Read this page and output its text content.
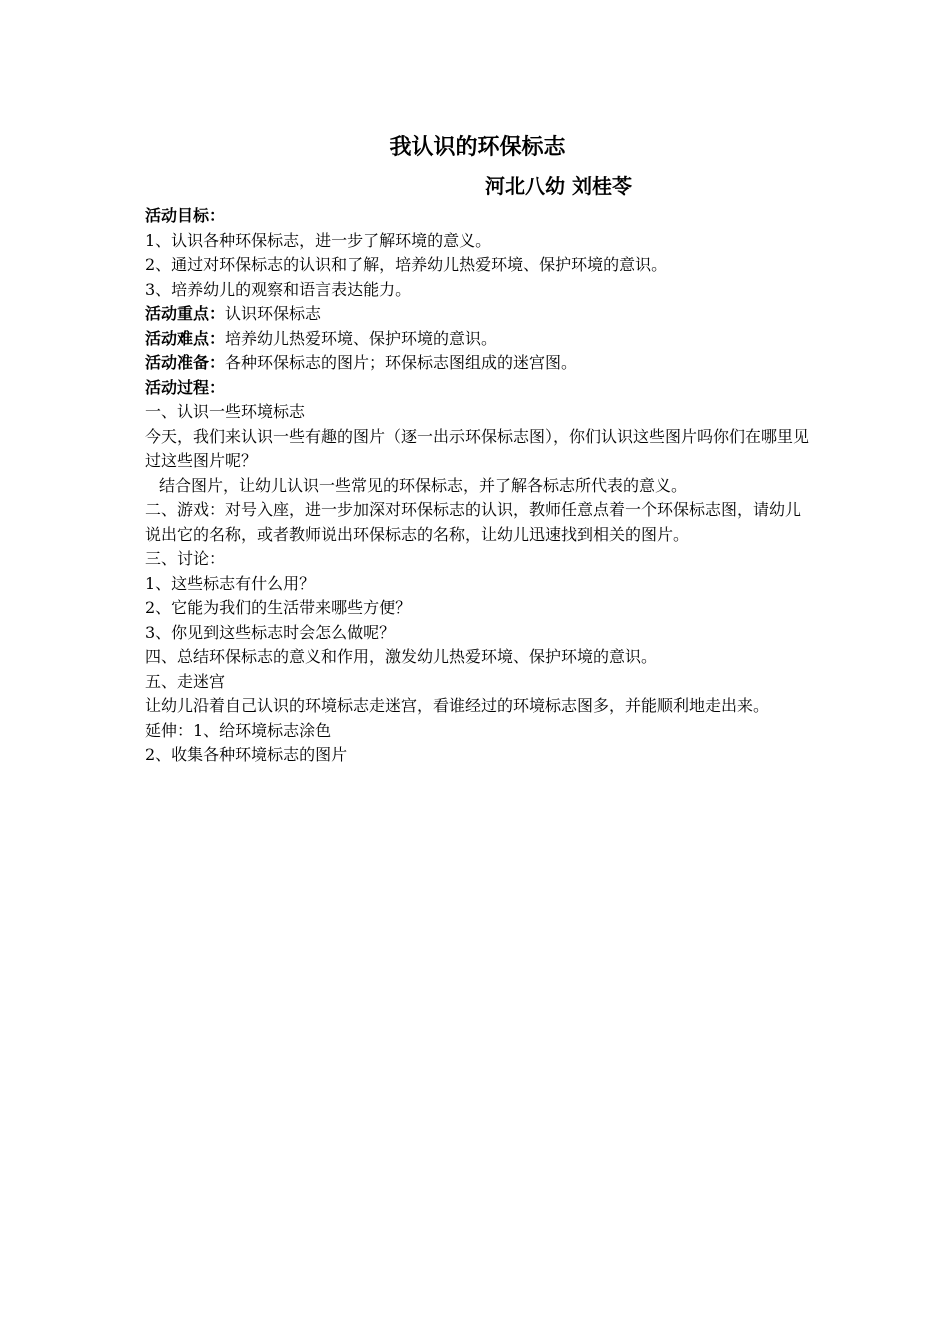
我认识的环保标志
河北八幼 刘桂苓
活动目标：
1、认识各种环保标志，进一步了解环境的意义。
2、通过对环保标志的认识和了解，培养幼儿热爱环境、保护环境的意识。
3、培养幼儿的观察和语言表达能力。
活动重点：认识环保标志
活动难点：培养幼儿热爱环境、保护环境的意识。
活动准备：各种环保标志的图片；环保标志图组成的迷宫图。
活动过程：
一、认识一些环境标志
今天，我们来认识一些有趣的图片（逐一出示环保标志图），你们认识这些图片吗你们在哪里见过这些图片呢？
结合图片，让幼儿认识一些常见的环保标志，并了解各标志所代表的意义。
二、游戏：对号入座，进一步加深对环保标志的认识，教师任意点着一个环保标志图，请幼儿说出它的名称，或者教师说出环保标志的名称，让幼儿迅速找到相关的图片。
三、讨论：
1、这些标志有什么用？
2、它能为我们的生活带来哪些方便？
3、你见到这些标志时会怎么做呢？
四、总结环保标志的意义和作用，激发幼儿热爱环境、保护环境的意识。
五、走迷宫
让幼儿沿着自己认识的环境标志走迷宫，看谁经过的环境标志图多，并能顺利地走出来。
延伸：1、给环境标志涂色
2、收集各种环境标志的图片
